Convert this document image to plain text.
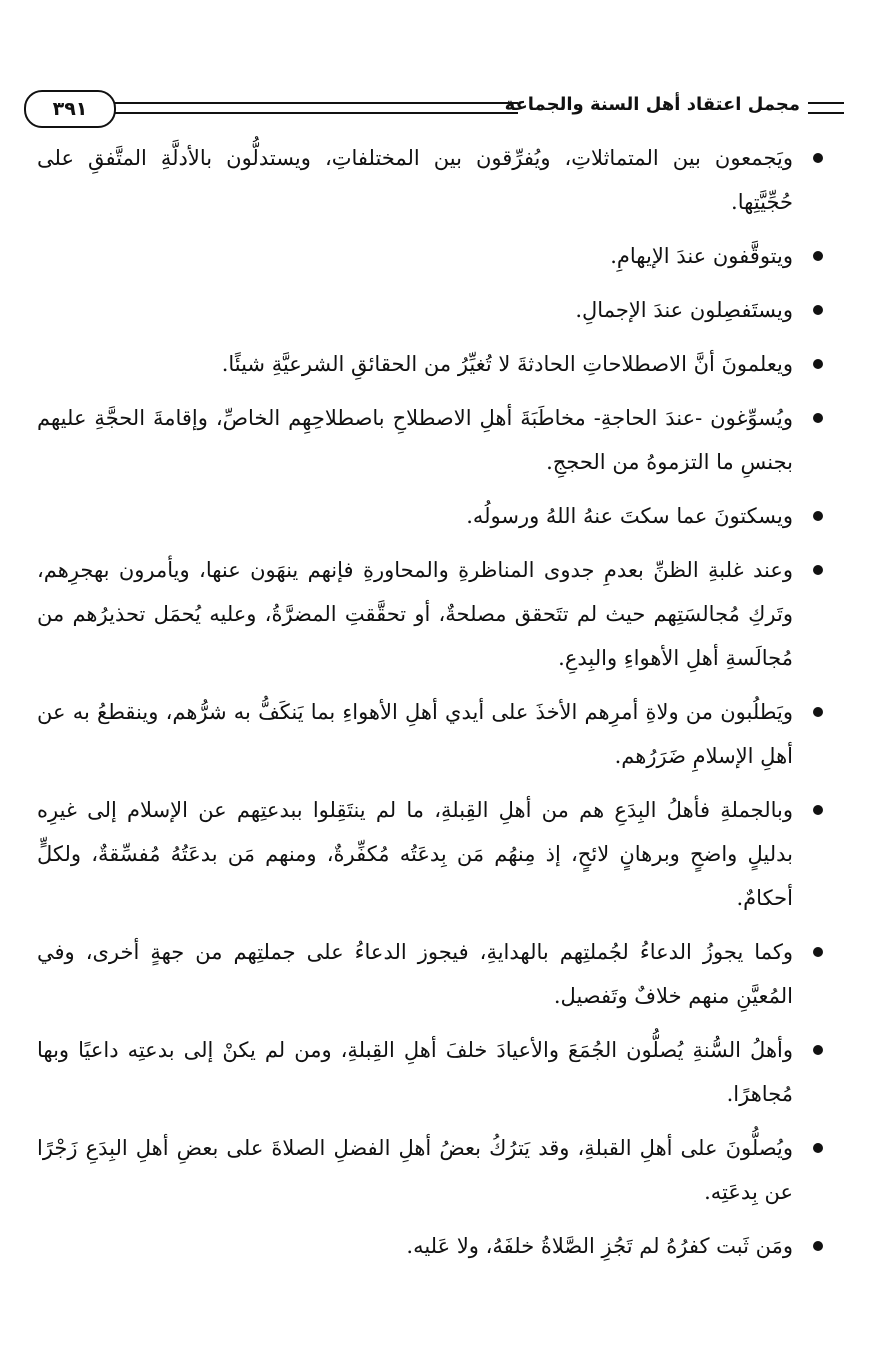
مجمل اعتقاد أهل السنة والجماعة
٣٩١
ويَجمعون بين المتماثلاتِ، ويُفرِّقون بين المختلفاتِ، ويستدلُّون بالأدلَّةِ المتَّفقِ على حُجِّيَّتِها.
ويتوقَّفون عندَ الإيهامِ.
ويستَفصِلون عندَ الإجمالِ.
ويعلمونَ أنَّ الاصطلاحاتِ الحادثةَ لا تُغيِّرُ من الحقائقِ الشرعيَّةِ شيئًا.
ويُسوِّغون -عندَ الحاجةِ- مخاطَبَةَ أهلِ الاصطلاحِ باصطلاحِهِم الخاصِّ، وإقامةَ الحجَّةِ عليهم بجنسِ ما التزموهُ من الحججِ.
ويسكتونَ عما سكتَ عنهُ اللهُ ورسولُه.
وعند غلبةِ الظنِّ بعدمِ جدوى المناظرةِ والمحاورةِ فإنهم ينهَون عنها، ويأمرون بهجرِهم، وتَركِ مُجالسَتِهم حيث لم تتَحقق مصلحةٌ، أو تحقَّقتِ المضرَّةُ، وعليه يُحمَل تحذيرُهم من مُجالَسةِ أهلِ الأهواءِ والبِدعِ.
ويَطلُبون من ولاةِ أمرِهم الأخذَ على أيدي أهلِ الأهواءِ بما يَنكَفُّ به شرُّهم، وينقطعُ به عن أهلِ الإسلامِ ضَرَرُهم.
وبالجملةِ فأهلُ البِدَعِ هم من أهلِ القِبلةِ، ما لم ينتَقِلوا ببدعتِهم عن الإسلام إلى غيرِه بدليلٍ واضحٍ وبرهانٍ لائحٍ، إذ مِنهُم مَن بِدعَتُه مُكفِّرةٌ، ومنهم مَن بدعَتُهُ مُفسِّقةٌ، ولكلٍّ أحكامٌ.
وكما يجوزُ الدعاءُ لجُملتِهم بالهدايةِ، فيجوز الدعاءُ على جملتِهم من جهةٍ أخرى، وفي المُعيَّنِ منهم خلافٌ وتَفصيل.
وأهلُ السُّنةِ يُصلُّون الجُمَعَ والأعيادَ خلفَ أهلِ القِبلةِ، ومن لم يكنْ إلى بدعتِه داعيًا وبها مُجاهرًا.
ويُصلُّونَ على أهلِ القبلةِ، وقد يَترُكُ بعضُ أهلِ الفضلِ الصلاةَ على بعضِ أهلِ البِدَعِ زَجْرًا عن بِدعَتِه.
ومَن ثَبت كفرُهُ لم تَجُزِ الصَّلاةُ خلفَهُ، ولا عَليه.
